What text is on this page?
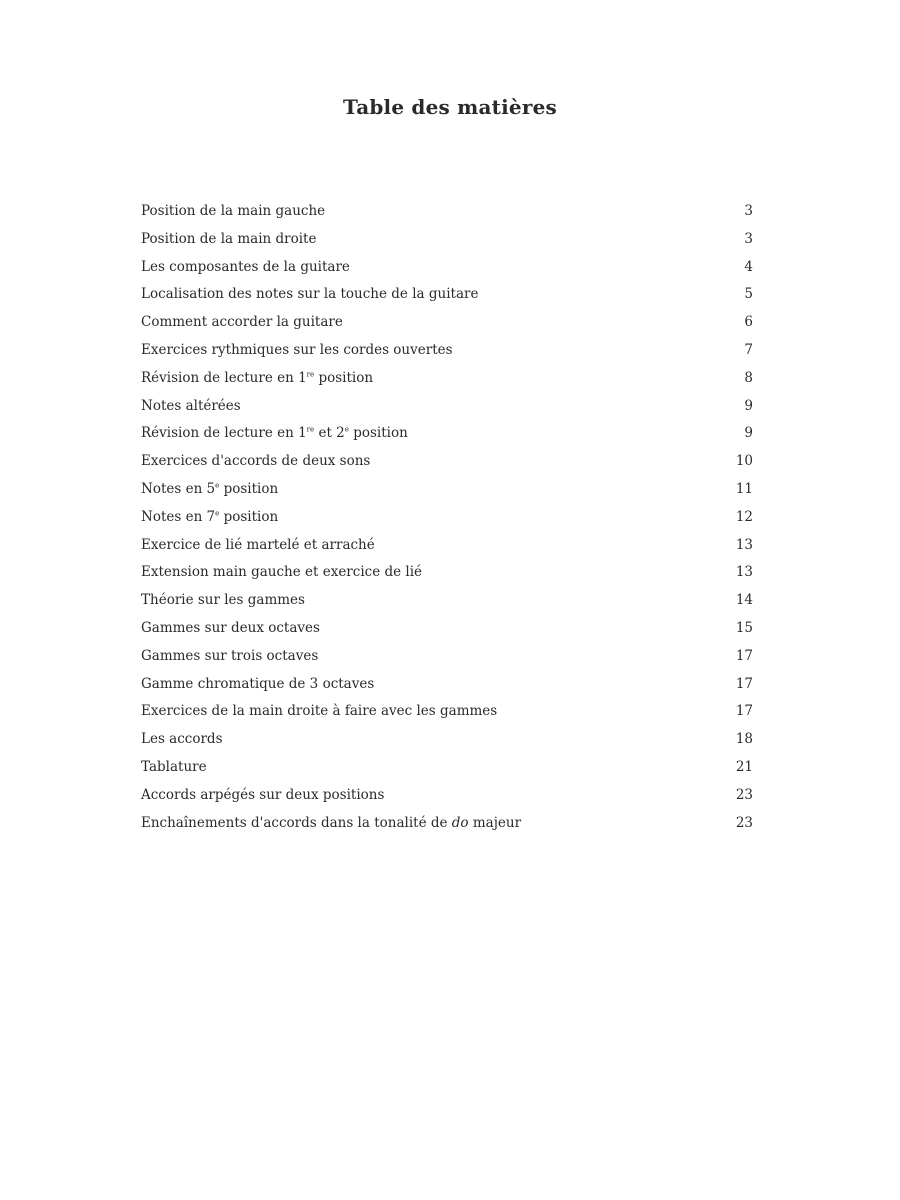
Table des matières
Position de la main gauche	3
Position de la main droite	3
Les composantes de la guitare	4
Localisation des notes sur la touche de la guitare	5
Comment accorder la guitare	6
Exercices rythmiques sur les cordes ouvertes	7
Révision de lecture en 1re position	8
Notes altérées	9
Révision de lecture en 1re et 2e position	9
Exercices d'accords de deux sons	10
Notes en 5e position	11
Notes en 7e position	12
Exercice de lié martelé et arraché	13
Extension main gauche et exercice de lié	13
Théorie sur les gammes	14
Gammes sur deux octaves	15
Gammes sur trois octaves	17
Gamme chromatique de 3 octaves	17
Exercices de la main droite à faire avec les gammes	17
Les accords	18
Tablature	21
Accords arpégés sur deux positions	23
Enchaînements d'accords dans la tonalité de do majeur	23
